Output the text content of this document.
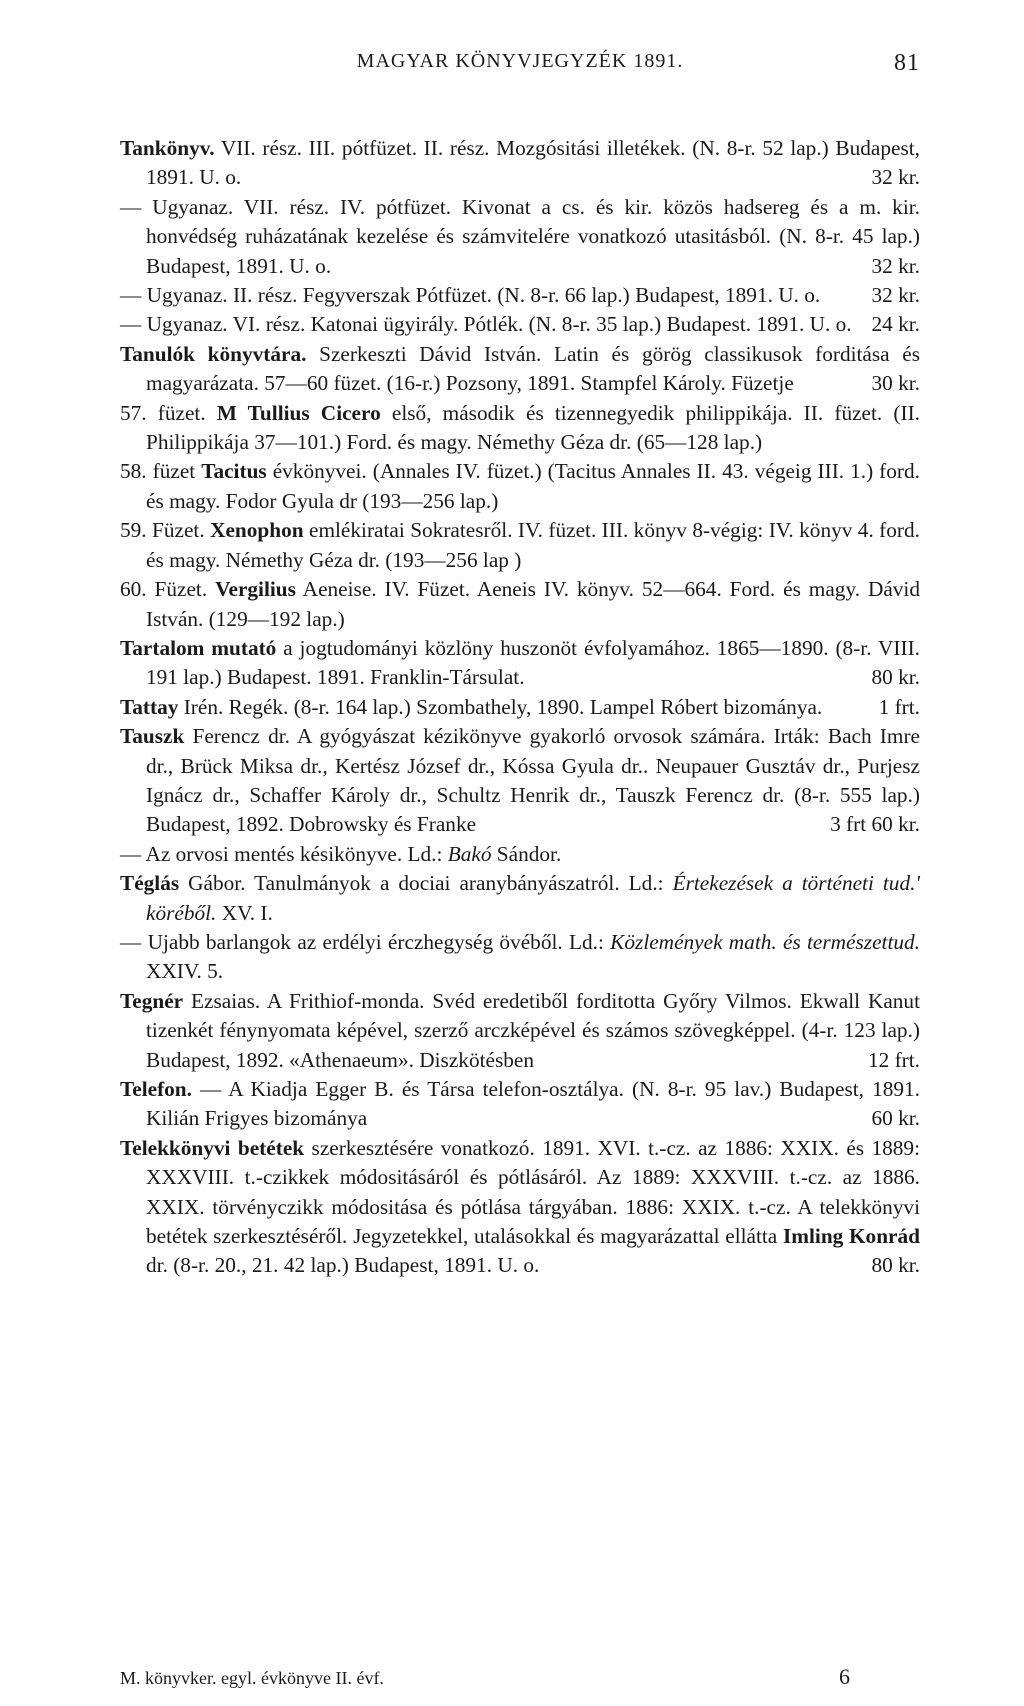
MAGYAR KÖNYVJEGYZÉK 1891.	81
Tankönyv. VII. rész. III. pótfüzet. II. rész. Mozgósitási illetékek. (N. 8-r. 52 lap.) Budapest, 1891. U. o.	32 kr.
— Ugyanaz. VII. rész. IV. pótfüzet. Kivonat a cs. és kir. közös hadsereg és a m. kir. honvédség ruházatának kezelése és számvitelére vonatkozó utasitásból. (N. 8-r. 45 lap.) Budapest, 1891. U. o.	32 kr.
— Ugyanaz. II. rész. Fegyverszak Pótfüzet. (N. 8-r. 66 lap.) Budapest, 1891. U. o.	32 kr.
— Ugyanaz. VI. rész. Katonai ügyirály. Pótlék. (N. 8-r. 35 lap.) Budapest. 1891. U. o. 24 kr.
Tanulók könyvtára. Szerkeszti Dávid István. Latin és görög classikusok forditása és magyarázata. 57—60 füzet. (16-r.) Pozsony, 1891. Stampfel Károly. Füzetje	30 kr.
57. füzet. M Tullius Cicero első, második és tizennegyedik philippikája. II. füzet. (II. Philippikája 37—101.) Ford. és magy. Némethy Géza dr. (65—128 lap.)
58. füzet Tacitus évkönyvei. (Annales IV. füzet.) (Tacitus Annales II. 43. végeig III. 1.) ford. és magy. Fodor Gyula dr (193—256 lap.)
59. Füzet. Xenophon emlékiratai Sokratesről. IV. füzet. III. könyv 8-végig: IV. könyv 4. ford. és magy. Némethy Géza dr. (193—256 lap )
60. Füzet. Vergilius Aeneise. IV. Füzet. Aeneis IV. könyv. 52—664. Ford. és magy. Dávid István. (129—192 lap.)
Tartalom mutató a jogtudományi közlöny huszonöt évfolyamához. 1865—1890. (8-r. VIII. 191 lap.) Budapest. 1891. Franklin-Társulat.	80 kr.
Tattay Irén. Regék. (8-r. 164 lap.) Szombathely, 1890. Lampel Róbert bizománya.	1 frt.
Tauszk Ferencz dr. A gyógyászat kézikönyve gyakorló orvosok számára. Irták: Bach Imre dr., Brück Miksa dr., Kertész József dr., Kóssa Gyula dr.. Neupauer Gusztáv dr., Purjesz Ignácz dr., Schaffer Károly dr., Schultz Henrik dr., Tauszk Ferencz dr. (8-r. 555 lap.) Budapest, 1892. Dobrowsky és Franke	3 frt 60 kr.
— Az orvosi mentés késikönyve. Ld.: Bakó Sándor.
Téglás Gábor. Tanulmányok a dociai aranybányászatról. Ld.: Értekezések a történeti tud.' köréből. XV. I.
— Ujabb barlangok az erdélyi érczhegység övéből. Ld.: Közlemények math. és természettud. XXIV. 5.
Tegnér Ezsaias. A Frithiof-monda. Svéd eredetiből forditotta Győry Vilmos. Ekwall Kanut tizenkét fénynyomata képével, szerző arczképével és számos szövegképpel. (4-r. 123 lap.) Budapest, 1892. «Athenaeum». Diszkötésben	12 frt.
Telefon. — A Kiadja Egger B. és Társa telefon-osztálya. (N. 8-r. 95 lav.) Budapest, 1891. Kilián Frigyes bizománya	60 kr.
Telekkönyvi betétek szerkesztésére vonatkozó. 1891. XVI. t.-cz. az 1886: XXIX. és 1889: XXXVIII. t.-czikkek módositásáról és pótlásáról. Az 1889: XXXVIII. t.-cz. az 1886. XXIX. törvényczikk módositása és pótlása tárgyában. 1886: XXIX. t.-cz. A telekkönyvi betétek szerkesztéséről. Jegyzetekkel, utalásokkal és magyarázattal ellátta Imling Konrád dr. (8-r. 20., 21. 42 lap.) Budapest, 1891. U. o.	80 kr.
M. könyvker. egyl. évkönyve II. évf.	6
